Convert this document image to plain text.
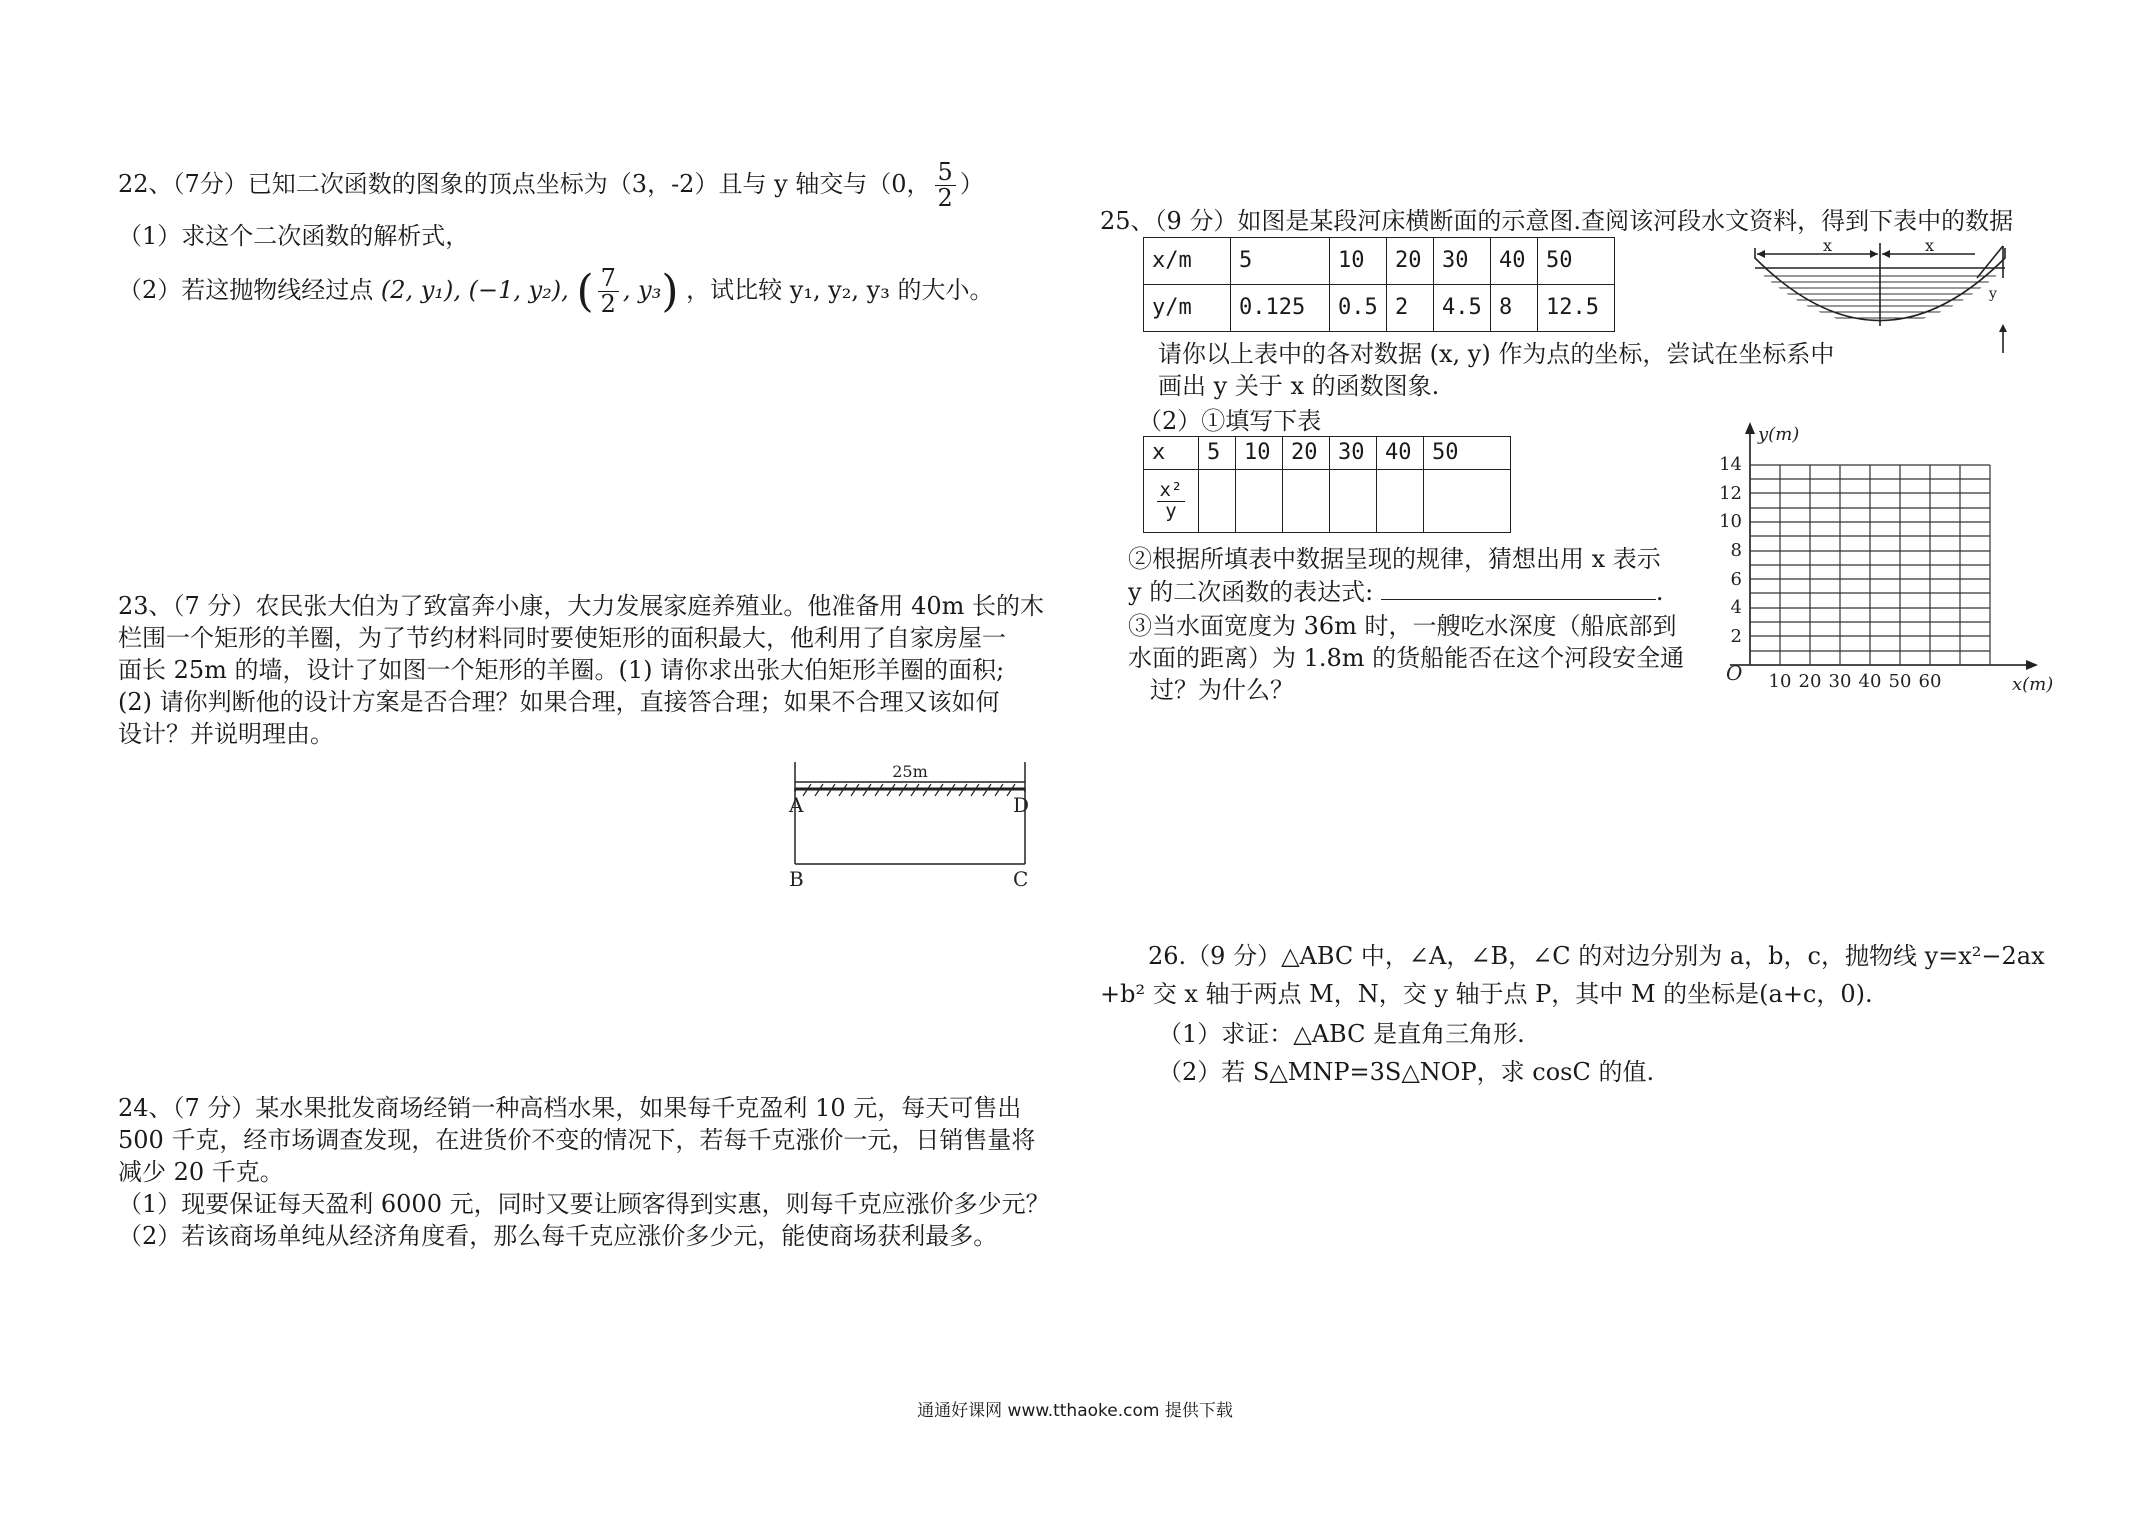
22、（7分）已知二次函数的图象的顶点坐标为（3，-2）且与 y 轴交与（0， $\frac{5}{2}$ ）
（1）求这个二次函数的解析式，
（2）若这抛物线经过点 (2, y₁), (−1, y₂), ( $\frac{7}{2}$ , y₃) ，试比较 y₁, y₂, y₃ 的大小。
23、（7 分）农民张大伯为了致富奔小康，大力发展家庭养殖业。他准备用 40m 长的木
栏围一个矩形的羊圈，为了节约材料同时要使矩形的面积最大，他利用了自家房屋一
面长 25m 的墙，设计了如图一个矩形的羊圈。(1) 请你求出张大伯矩形羊圈的面积;
(2) 请你判断他的设计方案是否合理？如果合理，直接答合理；如果不合理又该如何
设计？并说明理由。
25m
A	D
B	C
24、（7 分）某水果批发商场经销一种高档水果，如果每千克盈利 10 元，每天可售出
500 千克，经市场调查发现，在进货价不变的情况下，若每千克涨价一元，日销售量将
减少 20 千克。
（1）现要保证每天盈利 6000 元，同时又要让顾客得到实惠，则每千克应涨价多少元？
（2）若该商场单纯从经济角度看，那么每千克应涨价多少元，能使商场获利最多。
25、（9 分）如图是某段河床横断面的示意图.查阅该河段水文资料，得到下表中的数据
x/m	5	10	20	30	40	50
y/m	0.125	0.5	2	4.5	8	12.5
请你以上表中的各对数据 (x, y) 作为点的坐标，尝试在坐标系中
画出 y 关于 x 的函数图象.
（2）①填写下表
x	5	10	20	30	40	50

$\frac{\text{x²}}{y}$

②根据所填表中数据呈现的规律，猜想出用 x 表示
y 的二次函数的表达式:	.
③当水面宽度为 36m 时，一艘吃水深度（船底部到
水面的距离）为 1.8m 的货船能否在这个河段安全通
过？为什么？
x	x
y
y(m)
x(m)
O
2
4
6
8
10
12
14
10 20 30 40 50 60
26.（9 分）△ABC 中，∠A，∠B，∠C 的对边分别为 a，b，c，抛物线 y=x²−2ax
+b² 交 x 轴于两点 M，N，交 y 轴于点 P，其中 M 的坐标是(a+c，0).
（1）求证：△ABC 是直角三角形.
（2）若 S△MNP=3S△NOP，求 cosC 的值.
通通好课网 www.tthaoke.com 提供下载
